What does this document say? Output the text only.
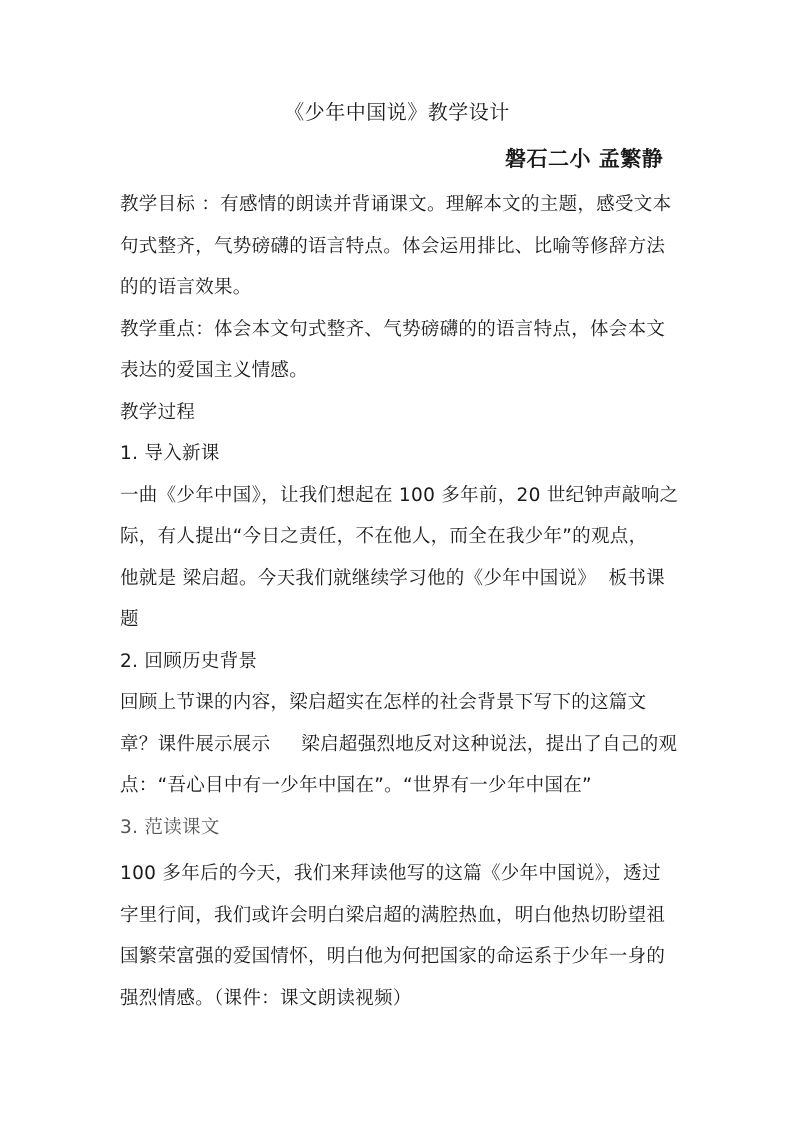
《少年中国说》教学设计
磐石二小 孟繁静

教学目标 ：有感情的朗读并背诵课文。理解本文的主题，感受文本

句式整齐，气势磅礴的语言特点。体会运用排比、比喻等修辞方法

的的语言效果。

教学重点：体会本文句式整齐、气势磅礴的的语言特点，体会本文

表达的爱国主义情感。

教学过程

1. 导入新课

一曲《少年中国》，让我们想起在 100 多年前，20 世纪钟声敲响之

际，有人提出“今日之责任，不在他人，而全在我少年”的观点，

他就是 梁启超。今天我们就继续学习他的《少年中国说》  板书课

题

2. 回顾历史背景

回顾上节课的内容，梁启超实在怎样的社会背景下写下的这篇文

章？课件展示展示     梁启超强烈地反对这种说法，提出了自己的观

点：“吾心目中有一少年中国在”。“世界有一少年中国在”

3. 范读课文

100 多年后的今天，我们来拜读他写的这篇《少年中国说》，透过

字里行间，我们或许会明白梁启超的满腔热血，明白他热切盼望祖

国繁荣富强的爱国情怀，明白他为何把国家的命运系于少年一身的

强烈情感。（课件：课文朗读视频）
